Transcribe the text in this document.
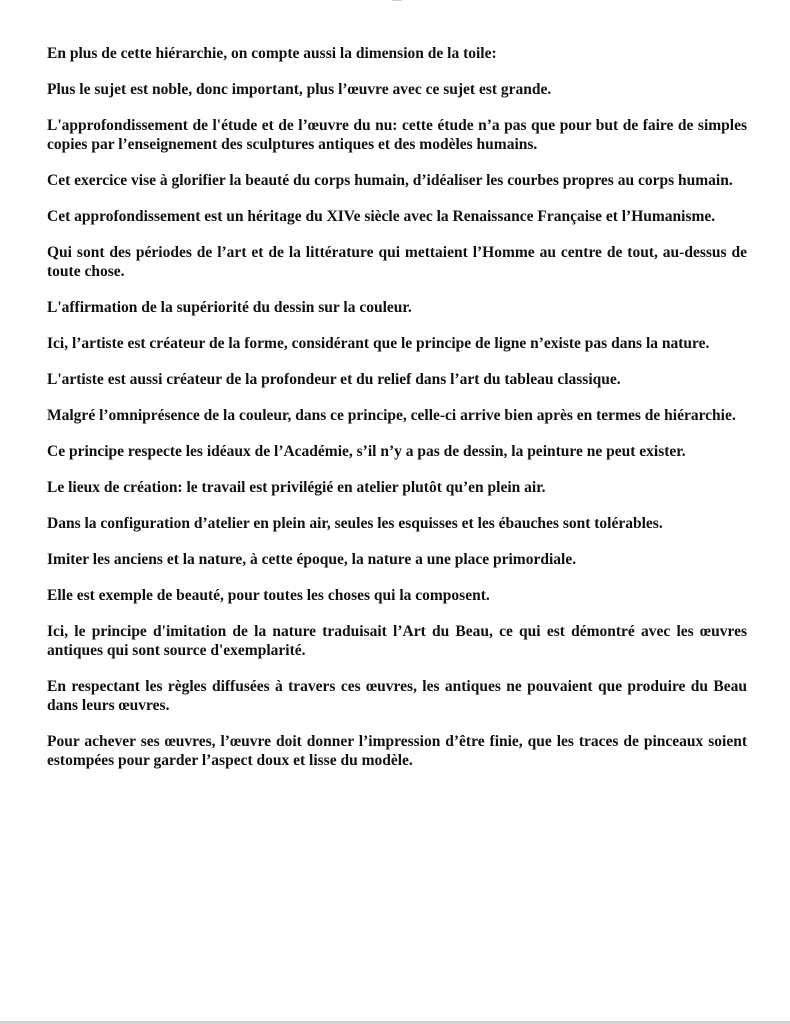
En plus de cette hiérarchie, on compte aussi la dimension de la toile:

Plus le sujet est noble, donc important, plus l’œuvre avec ce sujet est grande.

L'approfondissement de l'étude et de l’œuvre du nu: cette étude n’a pas que pour but de faire de simples copies par l’enseignement des sculptures antiques et des modèles humains.

Cet exercice vise à glorifier la beauté du corps humain, d’idéaliser les courbes propres au corps humain.

Cet approfondissement est un héritage du XIVe siècle avec la Renaissance Française et l’Humanisme.

Qui sont des périodes de l’art et de la littérature qui mettaient l’Homme au centre de tout, au-dessus de toute chose.

L'affirmation de la supériorité du dessin sur la couleur.

Ici, l’artiste est créateur de la forme, considérant que le principe de ligne n’existe pas dans la nature.

L'artiste est aussi créateur de la profondeur et du relief dans l’art du tableau classique.

Malgré l’omniprésence de la couleur, dans ce principe, celle-ci arrive bien après en termes de hiérarchie.

Ce principe respecte les idéaux de l’Académie, s’il n’y a pas de dessin, la peinture ne peut exister.

Le lieux de création: le travail est privilégié en atelier plutôt qu’en plein air.

Dans la configuration d’atelier en plein air, seules les esquisses et les ébauches sont tolérables.

Imiter les anciens et la nature, à cette époque, la nature a une place primordiale.

Elle est exemple de beauté, pour toutes les choses qui la composent.

Ici, le principe d'imitation de la nature traduisait l’Art du Beau, ce qui est démontré avec les œuvres antiques qui sont source d'exemplarité.

En respectant les règles diffusées à travers ces œuvres, les antiques ne pouvaient que produire du Beau dans leurs œuvres.

Pour achever ses œuvres, l’œuvre doit donner l’impression d’être finie, que les traces de pinceaux soient estompées pour garder l’aspect doux et lisse du modèle.
